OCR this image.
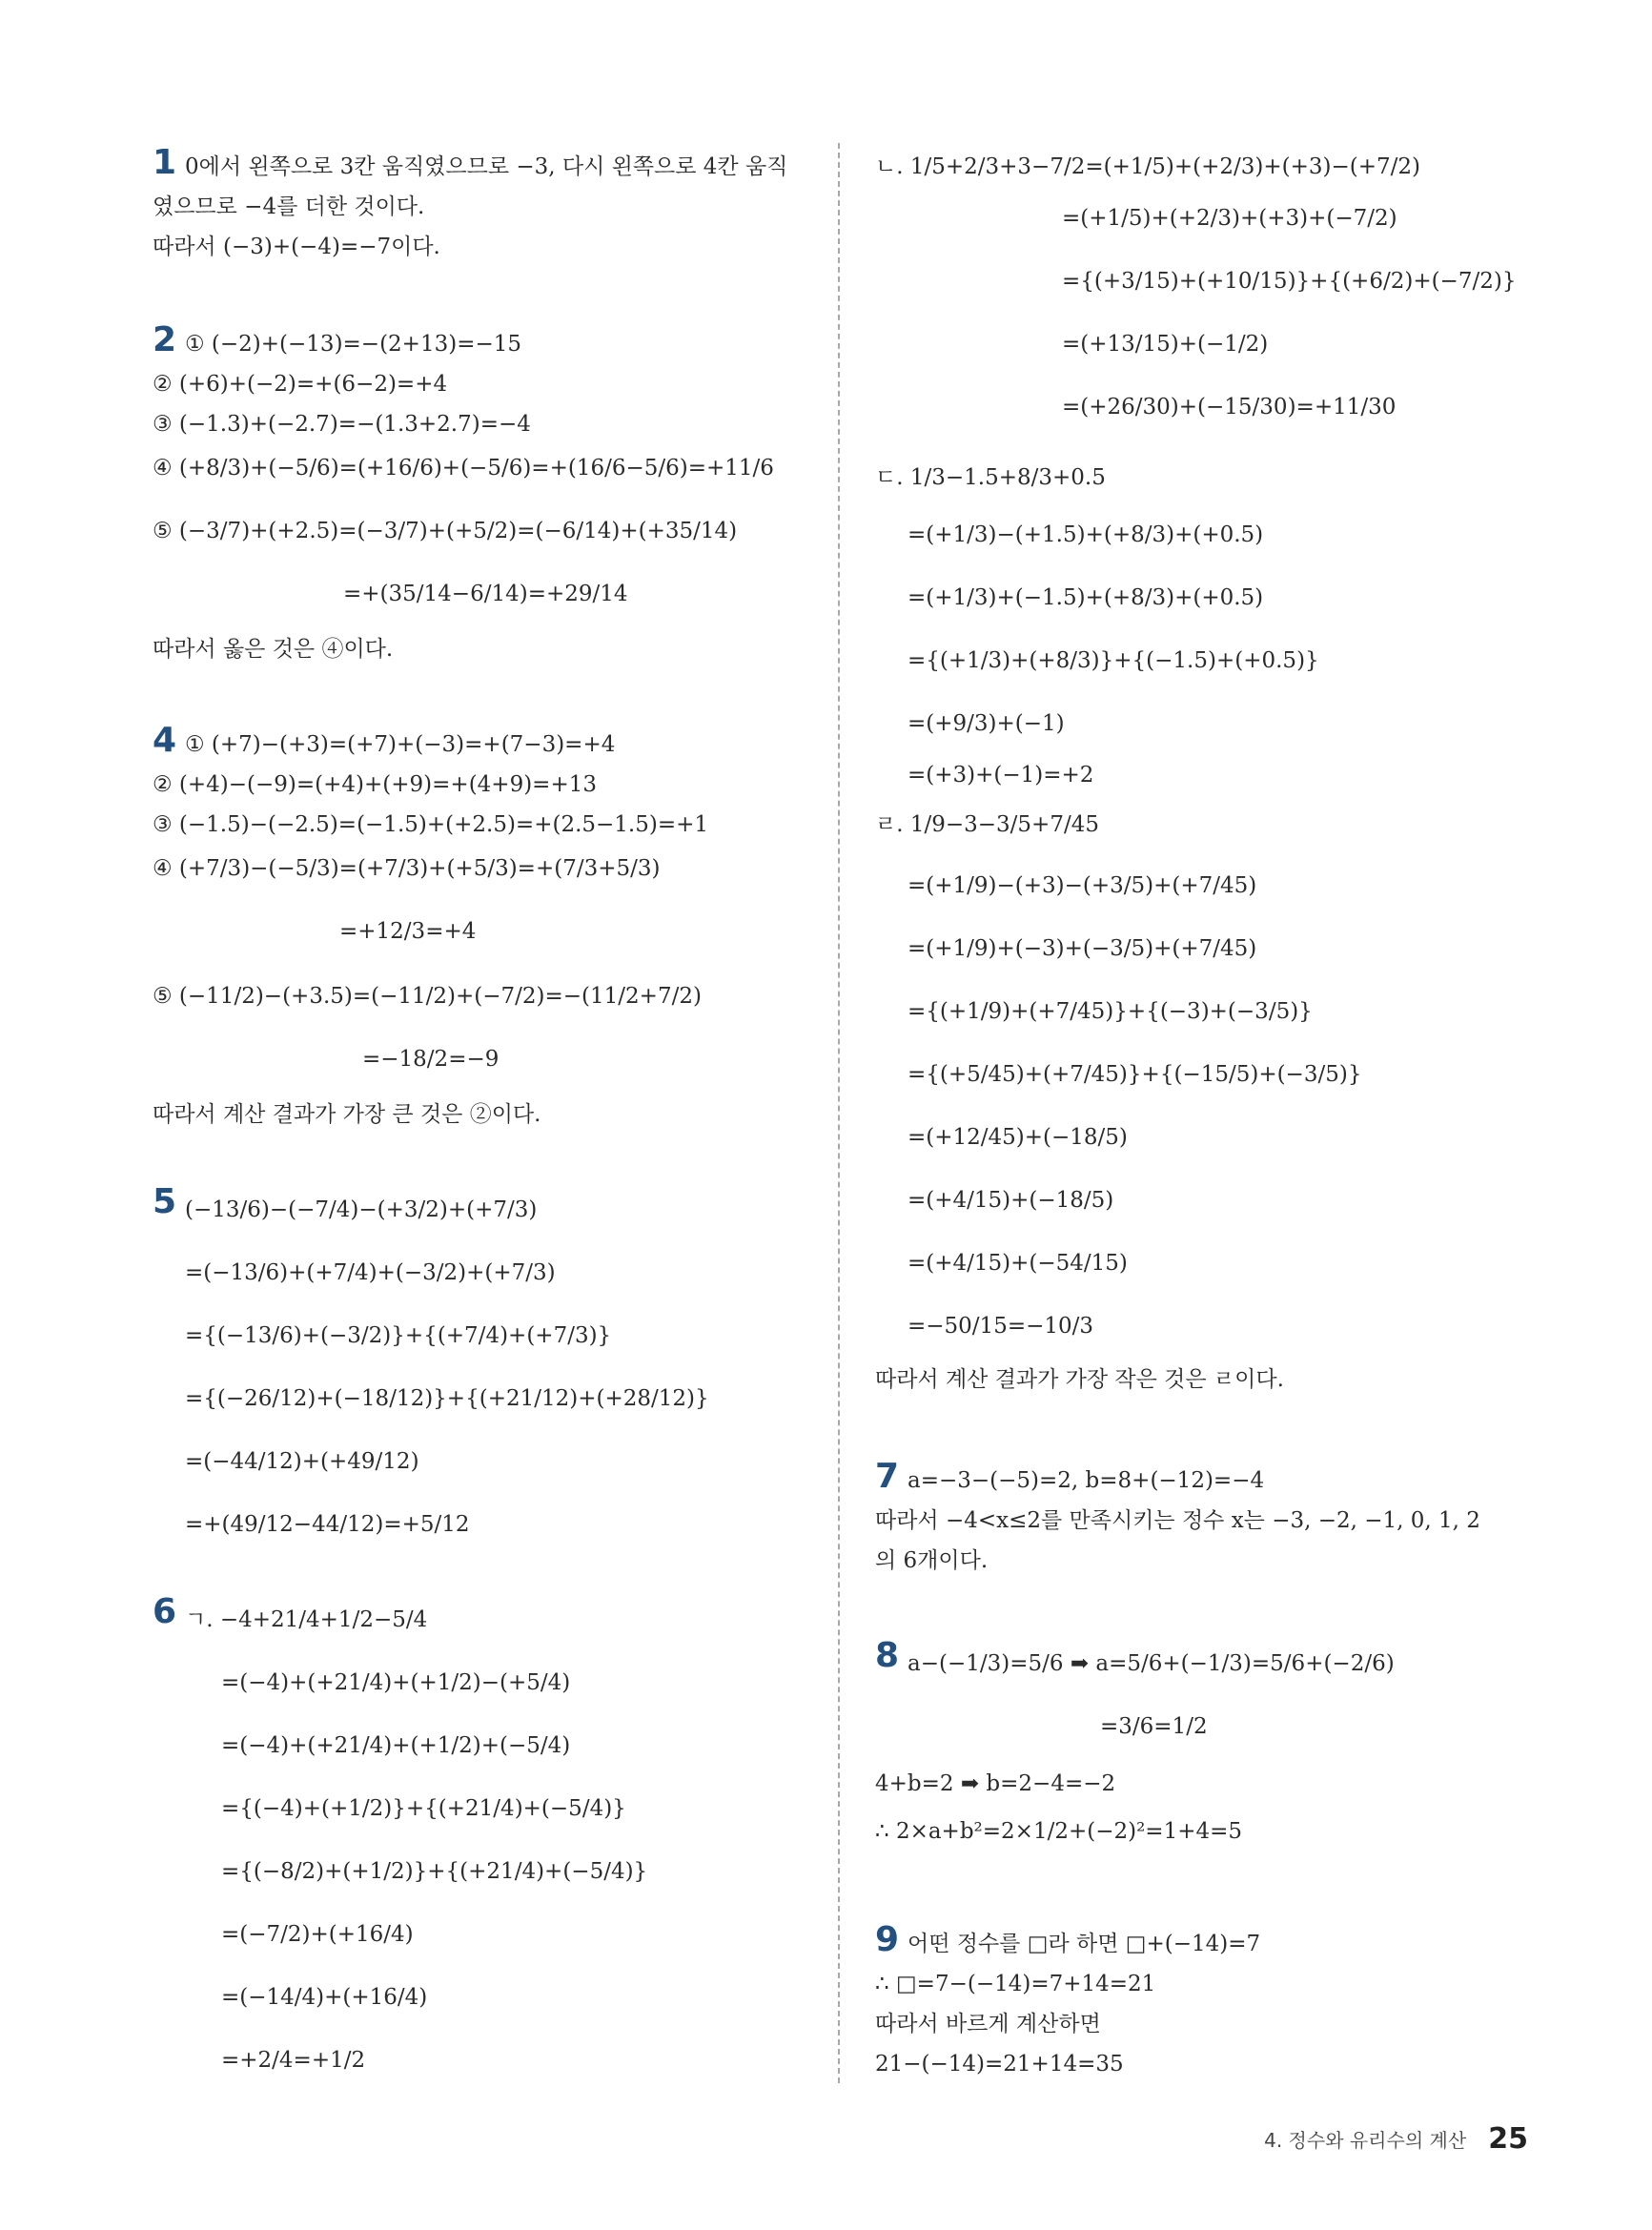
1 0에서 왼쪽으로 3칸 움직였으므로 −3, 다시 왼쪽으로 4칸 움직
였으므로 −4를 더한 것이다.
따라서 (−3)+(−4)=−7이다.
2 ① (−2)+(−13)=−(2+13)=−15
② (+6)+(−2)=+(6−2)=+4
③ (−1.3)+(−2.7)=−(1.3+2.7)=−4
④ (+8/3)+(−5/6)=(+16/6)+(−5/6)=+(16/6−5/6)=+11/6
⑤ (−3/7)+(+2.5)=(−3/7)+(+5/2)=(−6/14)+(+35/14)
=+(35/14−6/14)=+29/14
따라서 옳은 것은 ④이다.
4 ① (+7)−(+3)=(+7)+(−3)=+(7−3)=+4
② (+4)−(−9)=(+4)+(+9)=+(4+9)=+13
③ (−1.5)−(−2.5)=(−1.5)+(+2.5)=+(2.5−1.5)=+1
④ (+7/3)−(−5/3)=(+7/3)+(+5/3)=+(7/3+5/3)
=+12/3=+4
⑤ (−11/2)−(+3.5)=(−11/2)+(−7/2)=−(11/2+7/2)
=−18/2=−9
따라서 계산 결과가 가장 큰 것은 ②이다.
5 (−13/6)−(−7/4)−(+3/2)+(+7/3)
=(−13/6)+(+7/4)+(−3/2)+(+7/3)
={(−13/6)+(−3/2)}+{(+7/4)+(+7/3)}
={(−26/12)+(−18/12)}+{(+21/12)+(+28/12)}
=(−44/12)+(+49/12)
=+(49/12−44/12)=+5/12
6 ㄱ. −4+21/4+1/2−5/4
=(−4)+(+21/4)+(+1/2)−(+5/4)
=(−4)+(+21/4)+(+1/2)+(−5/4)
={(−4)+(+1/2)}+{(+21/4)+(−5/4)}
={(−8/2)+(+1/2)}+{(+21/4)+(−5/4)}
=(−7/2)+(+16/4)
=(−14/4)+(+16/4)
=+2/4=+1/2
ㄴ. 1/5+2/3+3−7/2=(+1/5)+(+2/3)+(+3)−(+7/2)
=(+1/5)+(+2/3)+(+3)+(−7/2)
={(+3/15)+(+10/15)}+{(+6/2)+(−7/2)}
=(+13/15)+(−1/2)
=(+26/30)+(−15/30)=+11/30
ㄷ. 1/3−1.5+8/3+0.5
=(+1/3)−(+1.5)+(+8/3)+(+0.5)
=(+1/3)+(−1.5)+(+8/3)+(+0.5)
={(+1/3)+(+8/3)}+{(−1.5)+(+0.5)}
=(+9/3)+(−1)
=(+3)+(−1)=+2
ㄹ. 1/9−3−3/5+7/45
=(+1/9)−(+3)−(+3/5)+(+7/45)
=(+1/9)+(−3)+(−3/5)+(+7/45)
={(+1/9)+(+7/45)}+{(−3)+(−3/5)}
={(+5/45)+(+7/45)}+{(−15/5)+(−3/5)}
=(+12/45)+(−18/5)
=(+4/15)+(−18/5)
=(+4/15)+(−54/15)
=−50/15=−10/3
따라서 계산 결과가 가장 작은 것은 ㄹ이다.
7 a=−3−(−5)=2, b=8+(−12)=−4
따라서 −4<x≤2를 만족시키는 정수 x는 −3, −2, −1, 0, 1, 2
의 6개이다.
8 a−(−1/3)=5/6 ➡ a=5/6+(−1/3)=5/6+(−2/6)
=3/6=1/2
4+b=2 ➡ b=2−4=−2
∴ 2×a+b²=2×1/2+(−2)²=1+4=5
9 어떤 정수를 □라 하면 □+(−14)=7
∴ □=7−(−14)=7+14=21
따라서 바르게 계산하면
21−(−14)=21+14=35
4. 정수와 유리수의 계산 25
